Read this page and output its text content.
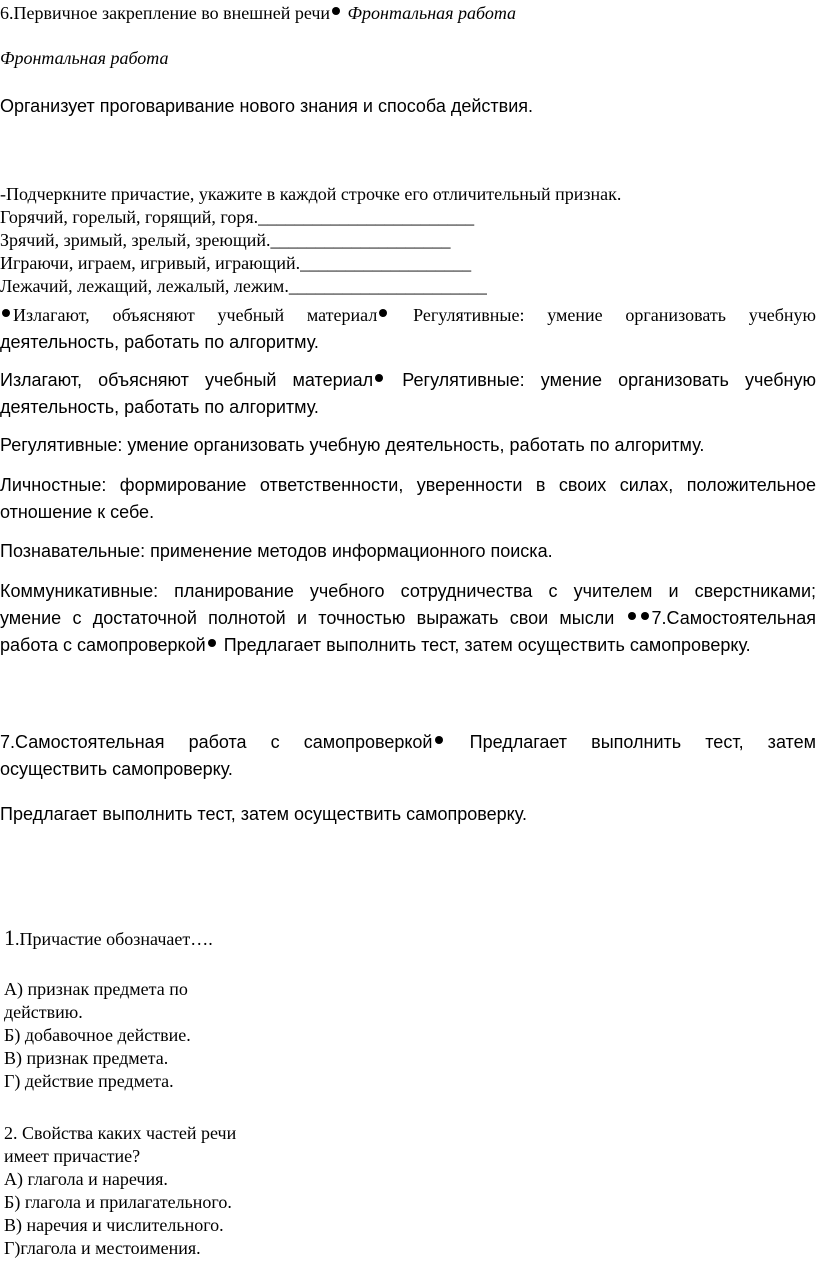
6.Первичное закрепление во внешней речи Фронтальная работа
Фронтальная работа
Организует проговаривание нового знания и способа действия.
-Подчеркните причастие, укажите в каждой строчке его отличительный признак.
Горячий, горелый, горящий, горя.________________________
Зрячий, зримый, зрелый, зреющий.____________________
Играючи, играем, игривый, играющий.___________________
Лежачий, лежащий, лежалый, лежим.______________________
Излагают, объясняют учебный материал Регулятивные: умение организовать учебную
деятельность, работать по алгоритму.
Излагают, объясняют учебный материал Регулятивные: умение организовать учебную
деятельность, работать по алгоритму.
Регулятивные: умение организовать учебную деятельность, работать по алгоритму.
Личностные: формирование ответственности, уверенности в своих силах, положительное
отношение к себе.
Познавательные: применение методов информационного поиска.
Коммуникативные: планирование учебного сотрудничества с учителем и сверстниками;
умение с достаточной полнотой и точностью выражать свои мысли 7.Самостоятельная
работа с самопроверкой Предлагает выполнить тест, затем осуществить самопроверку.
7.Самостоятельная работа с самопроверкой Предлагает выполнить тест, затем
осуществить самопроверку.
Предлагает выполнить тест, затем осуществить самопроверку.
1.Причастие обозначает….
А) признак предмета по
действию.
Б) добавочное действие.
В) признак предмета.
Г) действие предмета.
2. Свойства каких частей речи
имеет причастие?
А) глагола и наречия.
Б) глагола и прилагательного.
В) наречия и числительного.
Г)глагола и местоимения.
